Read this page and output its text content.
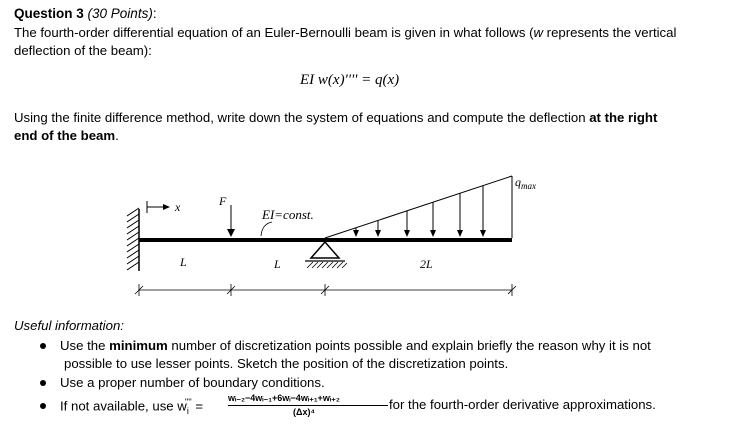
Question 3 (30 Points):
The fourth-order differential equation of an Euler-Bernoulli beam is given in what follows (w represents the vertical
deflection of the beam):
EI w(x)'''' = q(x)
Using the finite difference method, write down the system of equations and compute the deflection at the right
end of the beam.
x	F
EI=const.
$q_{max}$
L	L	2L
Useful information:
Use the minimum number of discretization points possible and explain briefly the reason why it is not
possible to use lesser points. Sketch the position of the discretization points.
Use a proper number of boundary conditions.
If not available, use $w_i''''$ =
wᵢ₋₂−4wᵢ₋₁+6wᵢ−4wᵢ₊₁+wᵢ₊₂
(Δx)⁴	for the fourth-order derivative approximations.
